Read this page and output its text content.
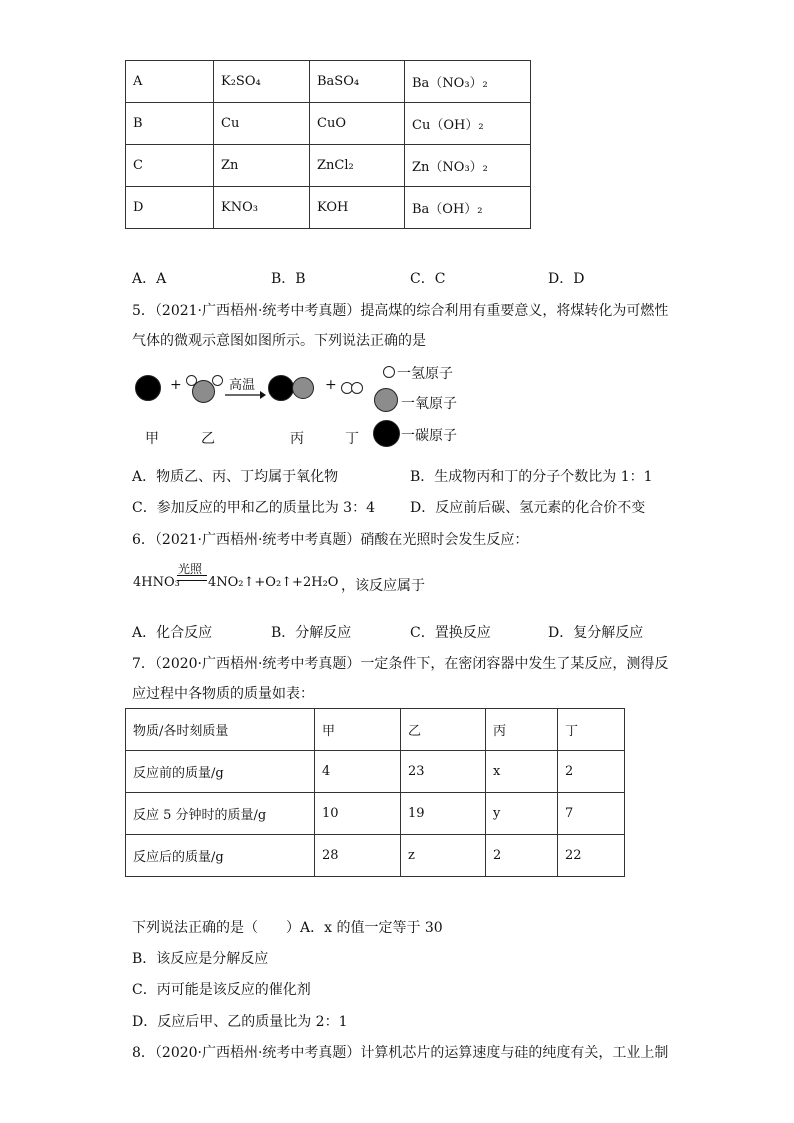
A	K₂SO₄	BaSO₄	Ba（NO₃）₂
B	Cu	CuO	Cu（OH）₂
C	Zn	ZnCl₂	Zn（NO₃）₂
D	KNO₃	KOH	Ba（OH）₂
A．A	B．B	C．C	D．D
5．（2021·广西梧州·统考中考真题）提高煤的综合利用有重要意义，将煤转化为可燃性
气体的微观示意图如图所示。下列说法正确的是
+	高温	+
一氢原子
一氧原子
一碳原子
甲	乙	丙	丁
A．物质乙、丙、丁均属于氧化物	B．生成物丙和丁的分子个数比为 1：1
C．参加反应的甲和乙的质量比为 3：4	D．反应前后碳、氢元素的化合价不变
6．（2021·广西梧州·统考中考真题）硝酸在光照时会发生反应：
4HNO₃
光照
4NO₂↑+O₂↑+2H₂O ，该反应属于
A．化合反应	B．分解反应	C．置换反应	D．复分解反应
7．（2020·广西梧州·统考中考真题）一定条件下，在密闭容器中发生了某反应，测得反
应过程中各物质的质量如表：
物质/各时刻质量	甲	乙	丙	丁
反应前的质量/g	4	23	x	2
反应 5 分钟时的质量/g	10	19	y	7
反应后的质量/g	28	z	2	22
下列说法正确的是（　　）A．x 的值一定等于 30
B．该反应是分解反应
C．丙可能是该反应的催化剂
D．反应后甲、乙的质量比为 2：1
8．（2020·广西梧州·统考中考真题）计算机芯片的运算速度与硅的纯度有关，工业上制
